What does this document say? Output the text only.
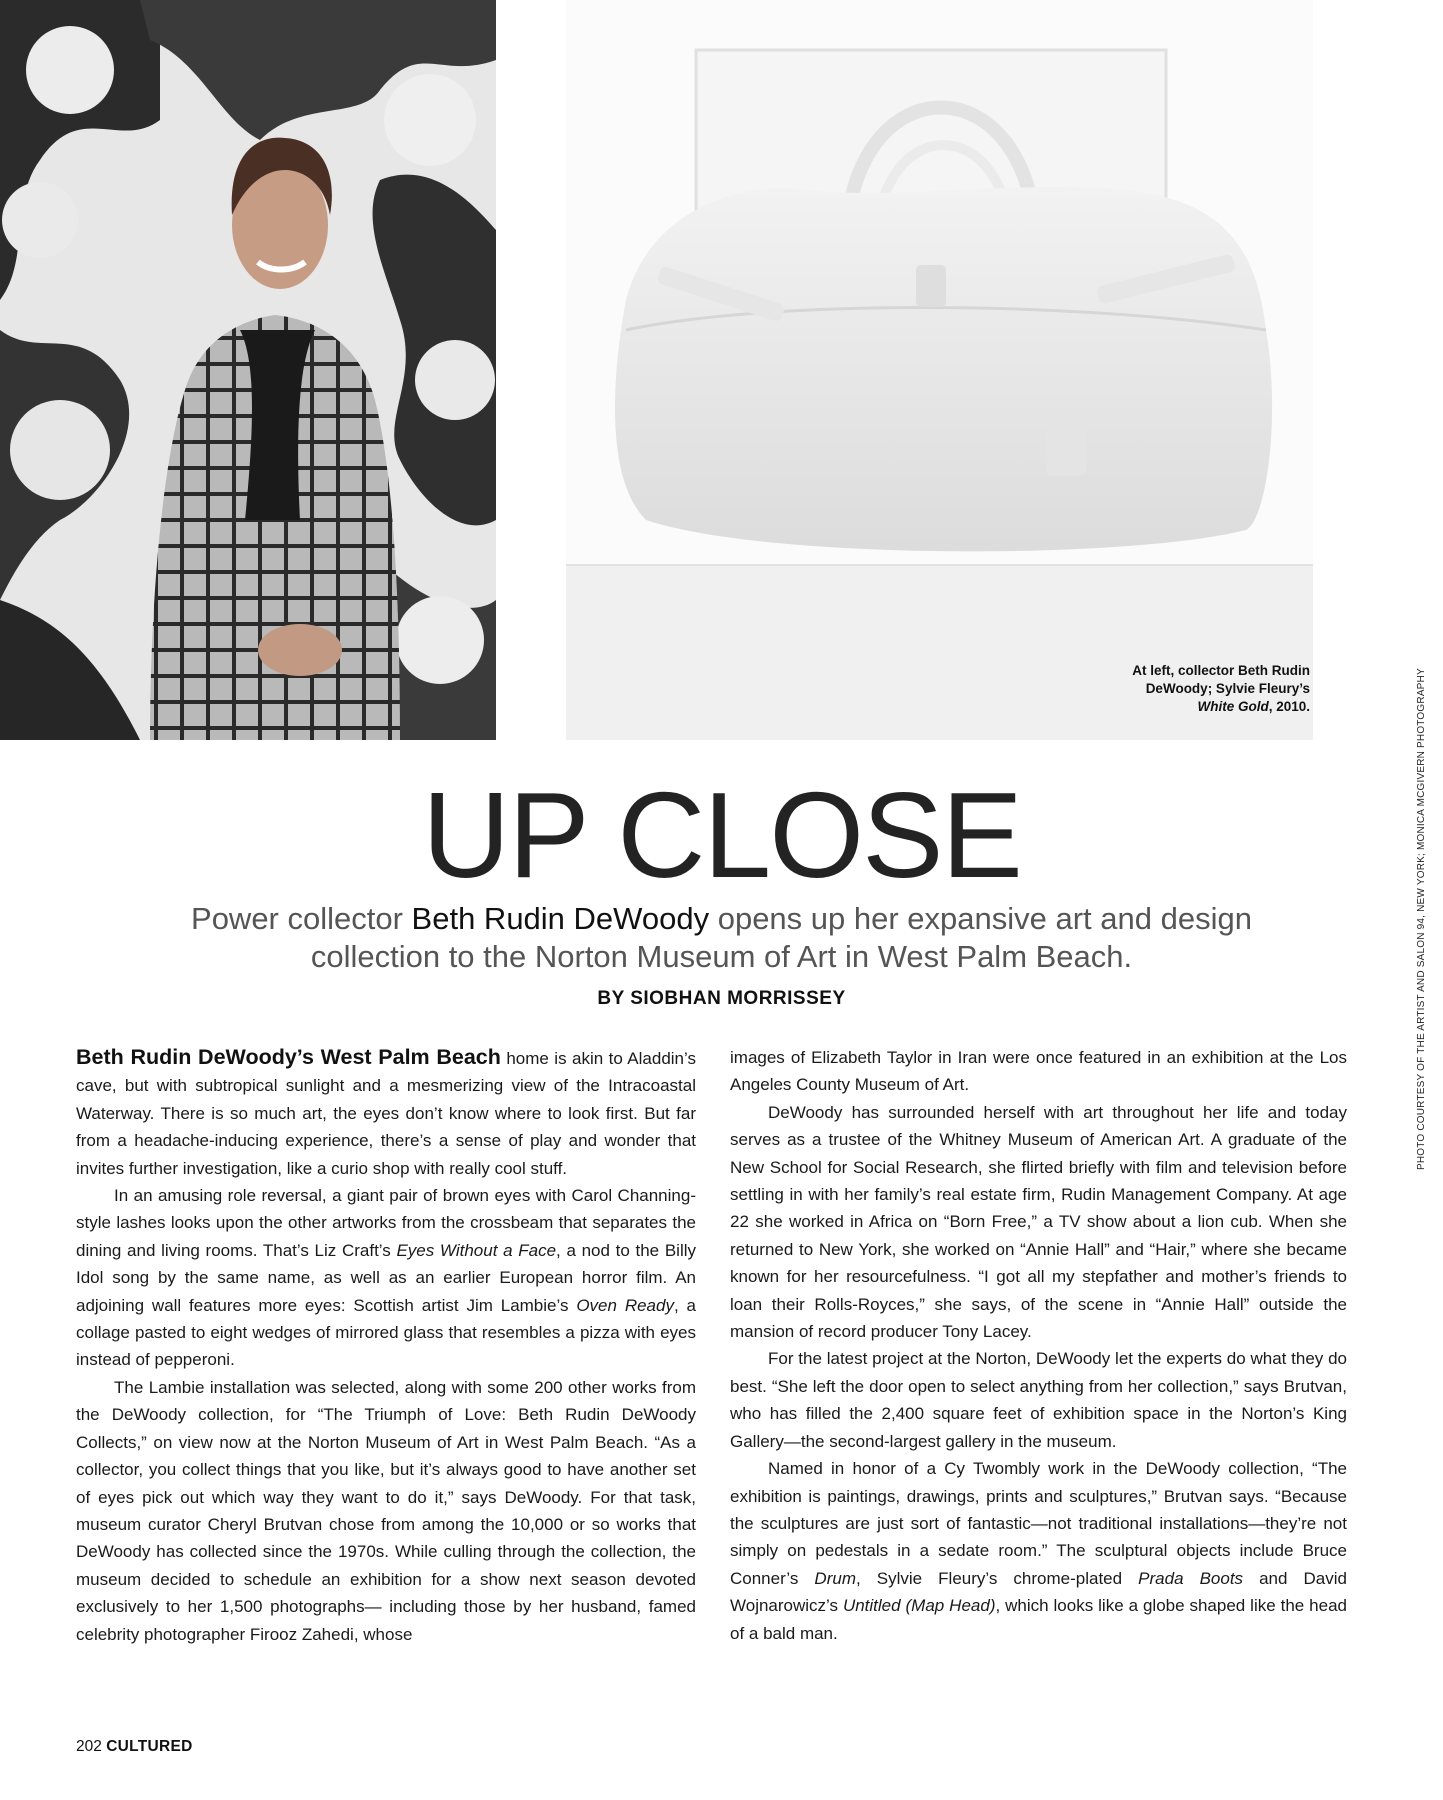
At left, collector Beth Rudin
DeWoody; Sylvie Fleury’s
White Gold, 2010.	PHOTO COURTESY OF THE ARTIST AND SALON 94, NEW YORK; MONICA MCGIVERN PHOTOGRAPHY
UP CLOSE
Power collector Beth Rudin DeWoody opens up her expansive art and design collection to the Norton Museum of Art in West Palm Beach.
BY SIOBHAN MORRISSEY

Beth Rudin DeWoody’s West Palm Beach home is akin to Aladdin’s cave, but with subtropical sunlight and a mesmerizing view of the Intracoastal Waterway. There is so much art, the eyes don’t know where to look first. But far from a headache-inducing experience, there’s a sense of play and wonder that invites further investigation, like a curio shop with really cool stuff.

In an amusing role reversal, a giant pair of brown eyes with Carol Channing-style lashes looks upon the other artworks from the crossbeam that separates the dining and living rooms. That’s Liz Craft’s Eyes Without a Face, a nod to the Billy Idol song by the same name, as well as an earlier European horror film. An adjoining wall features more eyes: Scottish artist Jim Lambie’s Oven Ready, a collage pasted to eight wedges of mirrored glass that resembles a pizza with eyes instead of pepperoni.

The Lambie installation was selected, along with some 200 other works from the DeWoody collection, for “The Triumph of Love: Beth Rudin DeWoody Collects,” on view now at the Norton Museum of Art in West Palm Beach. “As a collector, you collect things that you like, but it’s always good to have another set of eyes pick out which way they want to do it,” says DeWoody. For that task, museum curator Cheryl Brutvan chose from among the 10,000 or so works that DeWoody has collected since the 1970s. While culling through the collection, the museum decided to schedule an exhibition for a show next season devoted exclusively to her 1,500 photographs— including those by her husband, famed celebrity photographer Firooz Zahedi, whose

images of Elizabeth Taylor in Iran were once featured in an exhibition at the Los Angeles County Museum of Art.

DeWoody has surrounded herself with art throughout her life and today serves as a trustee of the Whitney Museum of American Art. A graduate of the New School for Social Research, she flirted briefly with film and television before settling in with her family’s real estate firm, Rudin Management Company. At age 22 she worked in Africa on “Born Free,” a TV show about a lion cub. When she returned to New York, she worked on “Annie Hall” and “Hair,” where she became known for her resourcefulness. “I got all my stepfather and mother’s friends to loan their Rolls-Royces,” she says, of the scene in “Annie Hall” outside the mansion of record producer Tony Lacey.

For the latest project at the Norton, DeWoody let the experts do what they do best. “She left the door open to select anything from her collection,” says Brutvan, who has filled the 2,400 square feet of exhibition space in the Norton’s King Gallery—the second-largest gallery in the museum.

Named in honor of a Cy Twombly work in the DeWoody collection, “The exhibition is paintings, drawings, prints and sculptures,” Brutvan says. “Because the sculptures are just sort of fantastic—not traditional installations—they’re not simply on pedestals in a sedate room.” The sculptural objects include Bruce Conner’s Drum, Sylvie Fleury’s chrome-plated Prada Boots and David Wojnarowicz’s Untitled (Map Head), which looks like a globe shaped like the head of a bald man.

202 CULTURED
